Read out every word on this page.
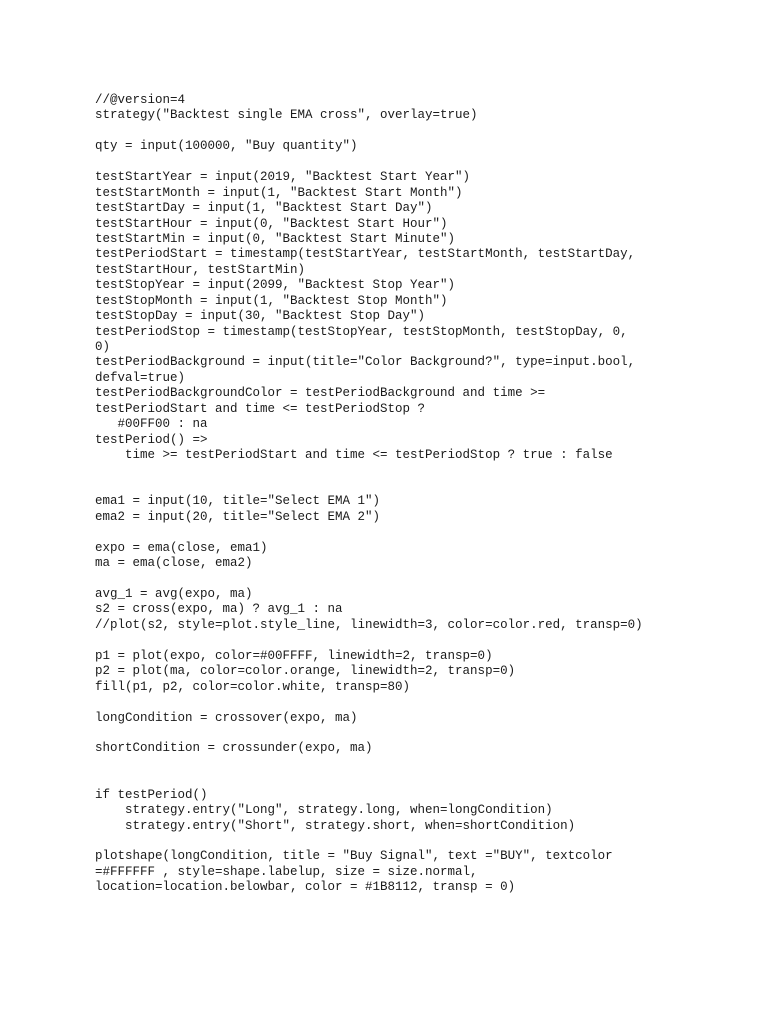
//@version=4
strategy("Backtest single EMA cross", overlay=true)
qty = input(100000, "Buy quantity")
testStartYear = input(2019, "Backtest Start Year")
testStartMonth = input(1, "Backtest Start Month")
testStartDay = input(1, "Backtest Start Day")
testStartHour = input(0, "Backtest Start Hour")
testStartMin = input(0, "Backtest Start Minute")
testPeriodStart = timestamp(testStartYear, testStartMonth, testStartDay,
testStartHour, testStartMin)
testStopYear = input(2099, "Backtest Stop Year")
testStopMonth = input(1, "Backtest Stop Month")
testStopDay = input(30, "Backtest Stop Day")
testPeriodStop = timestamp(testStopYear, testStopMonth, testStopDay, 0,
0)
testPeriodBackground = input(title="Color Background?", type=input.bool,
defval=true)
testPeriodBackgroundColor = testPeriodBackground and time >=
testPeriodStart and time <= testPeriodStop ?
#00FF00 : na
testPeriod() =>
time >= testPeriodStart and time <= testPeriodStop ? true : false
ema1 = input(10, title="Select EMA 1")
ema2 = input(20, title="Select EMA 2")
expo = ema(close, ema1)
ma = ema(close, ema2)
avg_1 = avg(expo, ma)
s2 = cross(expo, ma) ? avg_1 : na
//plot(s2, style=plot.style_line, linewidth=3, color=color.red, transp=0)
p1 = plot(expo, color=#00FFFF, linewidth=2, transp=0)
p2 = plot(ma, color=color.orange, linewidth=2, transp=0)
fill(p1, p2, color=color.white, transp=80)
longCondition = crossover(expo, ma)
shortCondition = crossunder(expo, ma)
if testPeriod()
strategy.entry("Long", strategy.long, when=longCondition)
strategy.entry("Short", strategy.short, when=shortCondition)
plotshape(longCondition, title = "Buy Signal", text ="BUY", textcolor
=#FFFFFF , style=shape.labelup, size = size.normal,
location=location.belowbar, color = #1B8112, transp = 0)
